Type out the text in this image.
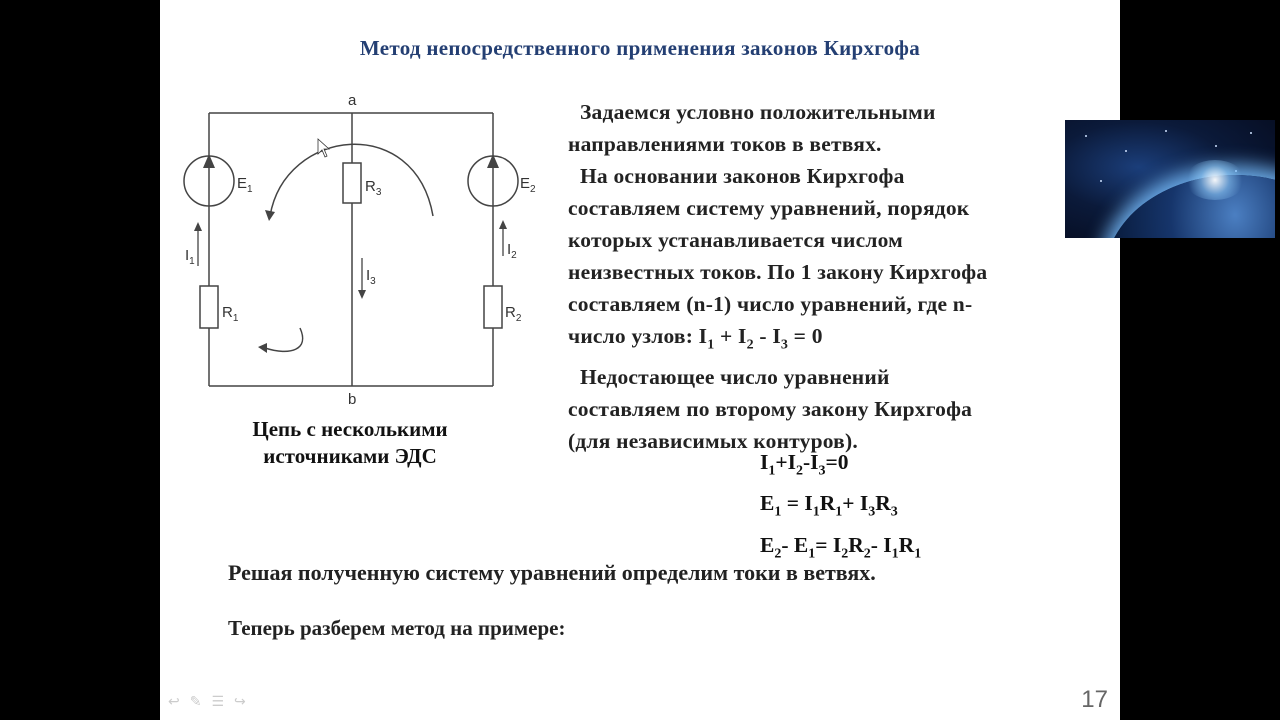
Метод непосредственного применения законов Кирхгофа
a
b
$E_1$	$E_2$
$R_3$
$R_1$	$R_2$
$I_1$
$I_2$
$I_3$
Цепь с несколькими
источниками ЭДС

Задаемся условно положительными

направлениями токов в ветвях.

На основании законов Кирхгофа

составляем систему уравнений, порядок

которых устанавливается числом

неизвестных токов. По 1 закону Кирхгофа

составляем (n-1) число уравнений, где n-

число узлов: $I_1 + I_2 - I_3 = 0$

Недостающее число уравнений

составляем по второму закону Кирхгофа

(для независимых контуров).

$I_1+I_2-I_3=0$
$E_1 = I_1R_1+ I_3R_3$
$E_2-$ $E_1= I_2R_2-$ $I_1R_1$
Решая полученную систему уравнений определим токи в ветвях.
Теперь разберем метод на примере:
↩ ✎ ☰ ↪	17
